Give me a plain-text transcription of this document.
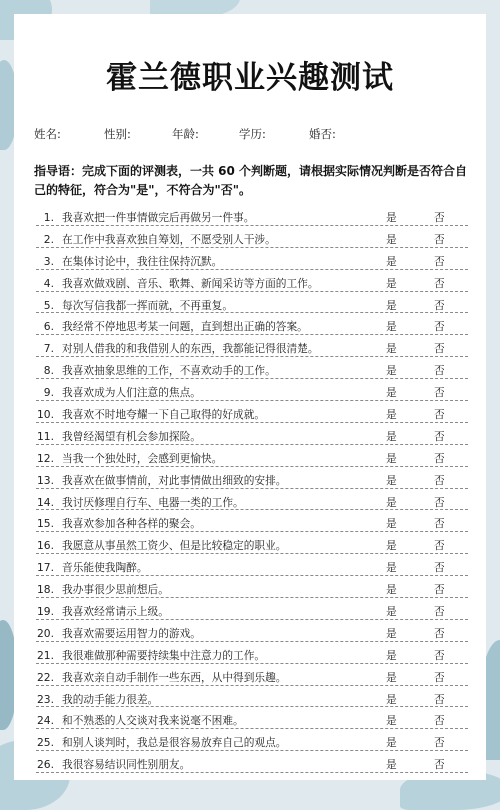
霍兰德职业兴趣测试
姓名:	性别:	年龄:	学历:	婚否:

指导语：完成下面的评测表，一共 60 个判断题，请根据实际情况判断是否符合自己的特征，符合为"是"，不符合为"否"。

1. 我喜欢把一件事情做完后再做另一件事。	是	否
2. 在工作中我喜欢独自筹划，不愿受别人干涉。	是	否
3. 在集体讨论中，我往往保持沉默。	是	否
4. 我喜欢做戏剧、音乐、歌舞、新闻采访等方面的工作。	是	否
5. 每次写信我都一挥而就，不再重复。	是	否
6. 我经常不停地思考某一问题，直到想出正确的答案。	是	否
7. 对别人借我的和我借别人的东西，我都能记得很清楚。	是	否
8. 我喜欢抽象思维的工作，不喜欢动手的工作。	是	否
9. 我喜欢成为人们注意的焦点。	是	否
10. 我喜欢不时地夸耀一下自己取得的好成就。	是	否
11. 我曾经渴望有机会参加探险。	是	否
12. 当我一个独处时，会感到更愉快。	是	否
13. 我喜欢在做事情前，对此事情做出细致的安排。	是	否
14. 我讨厌修理自行车、电器一类的工作。	是	否
15. 我喜欢参加各种各样的聚会。	是	否
16. 我愿意从事虽然工资少、但是比较稳定的职业。	是	否
17. 音乐能使我陶醉。	是	否
18. 我办事很少思前想后。	是	否
19. 我喜欢经常请示上级。	是	否
20. 我喜欢需要运用智力的游戏。	是	否
21. 我很难做那种需要持续集中注意力的工作。	是	否
22. 我喜欢亲自动手制作一些东西，从中得到乐趣。	是	否
23. 我的动手能力很差。	是	否
24. 和不熟悉的人交谈对我来说毫不困难。	是	否
25. 和别人谈判时，我总是很容易放弃自己的观点。	是	否
26. 我很容易结识同性别朋友。	是	否
